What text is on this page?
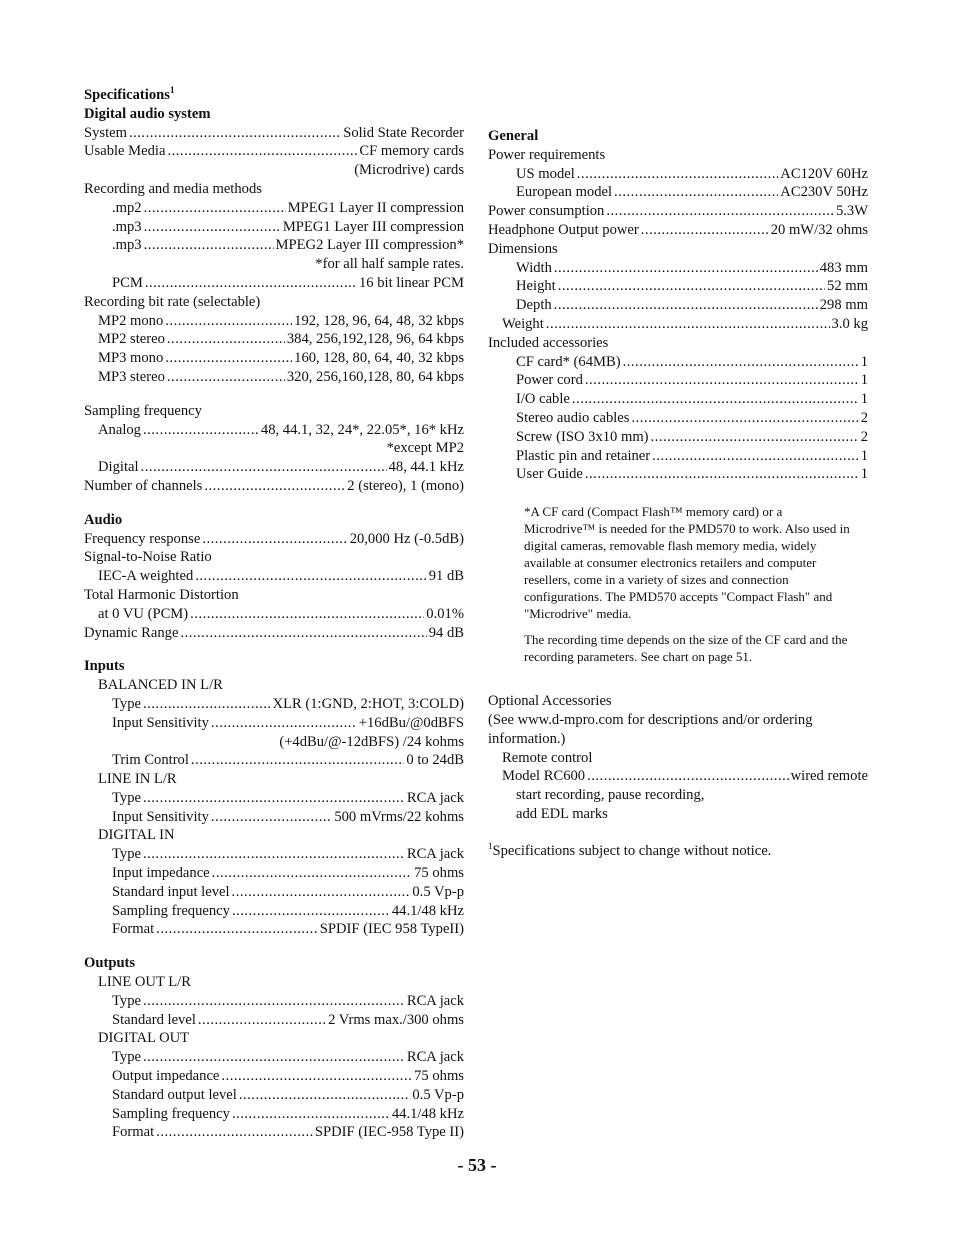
Specifications$^1$
Digital audio system
System .....	Solid State Recorder
Usable Media .....	CF memory cards
(Microdrive) cards
Recording and media methods
.mp2 .....	MPEG1 Layer II compression
.mp3 .....	MPEG1 Layer III compression
.mp3 .....	MPEG2 Layer III compression*
*for all half sample rates.
PCM .....	16 bit linear PCM
Recording bit rate (selectable)
MP2 mono .....	192, 128, 96, 64, 48, 32 kbps
MP2 stereo .....	384, 256,192,128, 96, 64 kbps
MP3 mono .....	160, 128, 80, 64, 40, 32 kbps
MP3 stereo .....	320, 256,160,128, 80, 64 kbps
Sampling frequency
Analog .....	48, 44.1, 32, 24*, 22.05*, 16* kHz
*except MP2
Digital .....	48, 44.1 kHz
Number of channels .....	2 (stereo), 1 (mono)
Audio
Frequency response .....	20,000 Hz (-0.5dB)
Signal-to-Noise Ratio
IEC-A weighted .....	91 dB
Total Harmonic Distortion
at 0 VU (PCM) .....	0.01%
Dynamic Range .....	94 dB
Inputs
BALANCED IN L/R
Type .....	XLR (1:GND, 2:HOT, 3:COLD)
Input Sensitivity .....	+16dBu/@0dBFS
(+4dBu/@-12dBFS) /24 kohms
Trim Control .....	0 to 24dB
LINE IN L/R
Type .....	RCA jack
Input Sensitivity .....	500 mVrms/22 kohms
DIGITAL IN
Type .....	RCA jack
Input impedance .....	75 ohms
Standard input level .....	0.5 Vp-p
Sampling frequency .....	44.1/48 kHz
Format .....	SPDIF (IEC 958 TypeII)
Outputs
LINE OUT L/R
Type .....	RCA jack
Standard level .....	2 Vrms max./300 ohms
DIGITAL OUT
Type .....	RCA jack
Output impedance .....	75 ohms
Standard output level .....	0.5 Vp-p
Sampling frequency .....	44.1/48 kHz
Format .....	SPDIF (IEC-958 Type II)
General
Power requirements
US model .....	AC120V 60Hz
European model .....	AC230V 50Hz
Power consumption .....	5.3W
Headphone Output power .....	20 mW/32 ohms
Dimensions
Width .....	483 mm
Height .....	52 mm
Depth .....	298 mm
Weight .....	3.0 kg
Included accessories
CF card* (64MB) .....	1
Power cord .....	1
I/O cable .....	1
Stereo audio cables .....	2
Screw (ISO 3x10 mm) .....	2
Plastic pin and retainer .....	1
User Guide .....	1

*A CF card (Compact Flash™ memory card) or a Microdrive™ is needed for the PMD570 to work. Also used in digital cameras, removable flash memory media, widely available at consumer electronics retailers and computer resellers, come in a variety of sizes and connection configurations. The PMD570 accepts "Compact Flash" and "Microdrive" media.

The recording time depends on the size of the CF card and the recording parameters. See chart on page 51.

Optional Accessories
(See www.d-mpro.com for descriptions and/or ordering
information.)
Remote control
Model RC600 .....	wired remote
start recording, pause recording,
add EDL marks
$^1$Specifications subject to change without notice.
- 53 -
